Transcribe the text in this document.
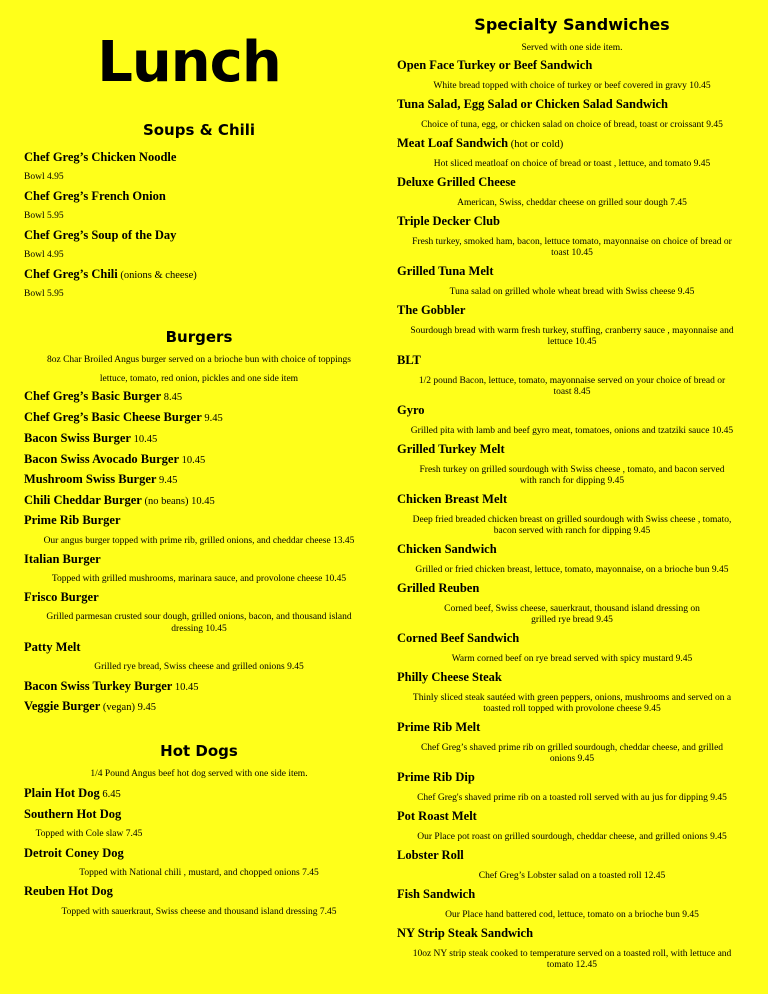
Lunch
Soups & Chili
Chef Greg’s Chicken Noodle
Bowl 4.95
Chef Greg’s French Onion
Bowl 5.95
Chef Greg’s Soup of the Day
Bowl 4.95
Chef Greg’s Chili (onions & cheese)
Bowl 5.95
Burgers
8oz Char Broiled Angus burger served on a brioche bun with choice of toppings
lettuce, tomato, red onion, pickles and one side item
Chef Greg’s Basic Burger 8.45
Chef Greg’s Basic Cheese Burger 9.45
Bacon Swiss Burger 10.45
Bacon Swiss Avocado Burger 10.45
Mushroom Swiss Burger 9.45
Chili Cheddar Burger (no beans) 10.45
Prime Rib Burger
Our angus burger topped with prime rib, grilled onions, and cheddar cheese 13.45
Italian Burger
Topped with grilled mushrooms, marinara sauce, and provolone cheese 10.45
Frisco Burger
Grilled parmesan crusted sour dough, grilled onions, bacon, and thousand island
dressing 10.45
Patty Melt
Grilled rye bread, Swiss cheese and grilled onions 9.45
Bacon Swiss Turkey Burger 10.45
Veggie Burger (vegan) 9.45
Hot Dogs
1/4 Pound Angus beef hot dog served with one side item.
Plain Hot Dog 6.45
Southern Hot Dog
Topped with Cole slaw 7.45
Detroit Coney Dog
Topped with National chili , mustard, and chopped onions 7.45
Reuben Hot Dog
Topped with sauerkraut, Swiss cheese and thousand island dressing 7.45
Specialty Sandwiches
Served with one side item.
Open Face Turkey or Beef Sandwich
White bread topped with choice of turkey or beef covered in gravy 10.45
Tuna Salad, Egg Salad or Chicken Salad Sandwich
Choice of tuna, egg, or chicken salad on choice of bread, toast or croissant 9.45
Meat Loaf Sandwich (hot or cold)
Hot sliced meatloaf on choice of bread or toast , lettuce, and tomato 9.45
Deluxe Grilled Cheese
American, Swiss, cheddar cheese on grilled sour dough 7.45
Triple Decker Club
Fresh turkey, smoked ham, bacon, lettuce tomato, mayonnaise on choice of bread or
toast 10.45
Grilled Tuna Melt
Tuna salad on grilled whole wheat bread with Swiss cheese 9.45
The Gobbler
Sourdough bread with warm fresh turkey, stuffing, cranberry sauce , mayonnaise and
lettuce 10.45
BLT
1/2 pound Bacon, lettuce, tomato, mayonnaise served on your choice of bread or
toast 8.45
Gyro
Grilled pita with lamb and beef gyro meat, tomatoes, onions and tzatziki sauce 10.45
Grilled Turkey Melt
Fresh turkey on grilled sourdough with Swiss cheese , tomato, and bacon served
with ranch for dipping 9.45
Chicken Breast Melt
Deep fried breaded chicken breast on grilled sourdough with Swiss cheese , tomato,
bacon served with ranch for dipping 9.45
Chicken Sandwich
Grilled or fried chicken breast, lettuce, tomato, mayonnaise, on a brioche bun 9.45
Grilled Reuben
Corned beef, Swiss cheese, sauerkraut, thousand island dressing on
grilled rye bread 9.45
Corned Beef Sandwich
Warm corned beef on rye bread served with spicy mustard 9.45
Philly Cheese Steak
Thinly sliced steak sautéed with green peppers, onions, mushrooms and served on a
toasted roll topped with provolone cheese 9.45
Prime Rib Melt
Chef Greg’s shaved prime rib on grilled sourdough, cheddar cheese, and grilled
onions 9.45
Prime Rib Dip
Chef Greg's shaved prime rib on a toasted roll served with au jus for dipping 9.45
Pot Roast Melt
Our Place pot roast on grilled sourdough, cheddar cheese, and grilled onions 9.45
Lobster Roll
Chef Greg’s Lobster salad on a toasted roll 12.45
Fish Sandwich
Our Place hand battered cod, lettuce, tomato on a brioche bun 9.45
NY Strip Steak Sandwich
10oz NY strip steak cooked to temperature served on a toasted roll, with lettuce and
tomato 12.45
